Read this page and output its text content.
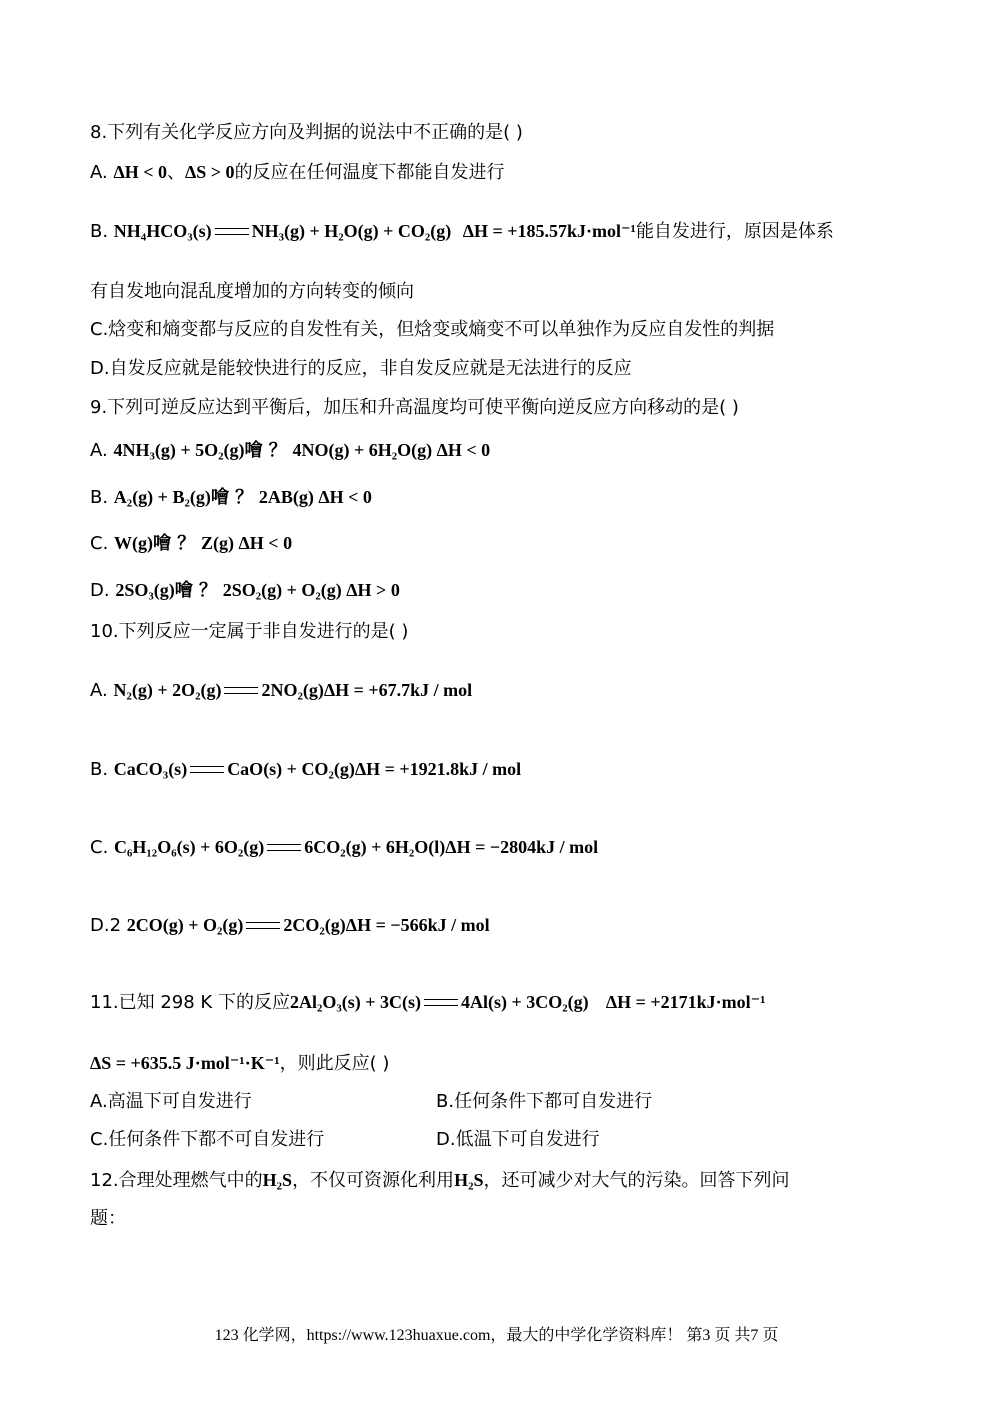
8.下列有关化学反应方向及判据的说法中不正确的是( )
A. ΔH < 0、ΔS > 0的反应在任何温度下都能自发进行
B. NH₄HCO₃(s) NH₃(g) + H₂O(g) + CO₂(g) ΔH = +185.57kJ·mol⁻¹能自发进行，原因是体系
有自发地向混乱度增加的方向转变的倾向
C.焓变和熵变都与反应的自发性有关，但焓变或熵变不可以单独作为反应自发性的判据
D.自发反应就是能较快进行的反应，非自发反应就是无法进行的反应
9.下列可逆反应达到平衡后，加压和升高温度均可使平衡向逆反应方向移动的是( )
A. 4NH₃(g) + 5O₂(g)噲 ？ 4NO(g) + 6H₂O(g) ΔH < 0
B. A₂(g) + B₂(g)噲 ？ 2AB(g) ΔH < 0
C. W(g)噲 ？ Z(g) ΔH < 0
D. 2SO₃(g)噲 ？ 2SO₂(g) + O₂(g) ΔH > 0
10.下列反应一定属于非自发进行的是( )
A. N₂(g) + 2O₂(g) 2NO₂(g)ΔH = +67.7kJ / mol
B. CaCO₃(s) CaO(s) + CO₂(g)ΔH = +1921.8kJ / mol
C. C₆H₁₂O₆(s) + 6O₂(g) 6CO₂(g) + 6H₂O(l)ΔH = −2804kJ / mol
D.2 2CO(g) + O₂(g) 2CO₂(g)ΔH = −566kJ / mol
11.已知 298 K 下的反应2Al₂O₃(s) + 3C(s) 4Al(s) + 3CO₂(g) ΔH = +2171kJ·mol⁻¹
ΔS = +635.5 J·mol⁻¹·K⁻¹，则此反应( )
A.高温下可自发进行	B.任何条件下都可自发进行
C.任何条件下都不可自发进行	D.低温下可自发进行
12.合理处理燃气中的H₂S，不仅可资源化利用H₂S，还可减少对大气的污染。回答下列问
题：
123 化学网，https://www.123huaxue.com，最大的中学化学资料库！ 第3 页 共7 页
